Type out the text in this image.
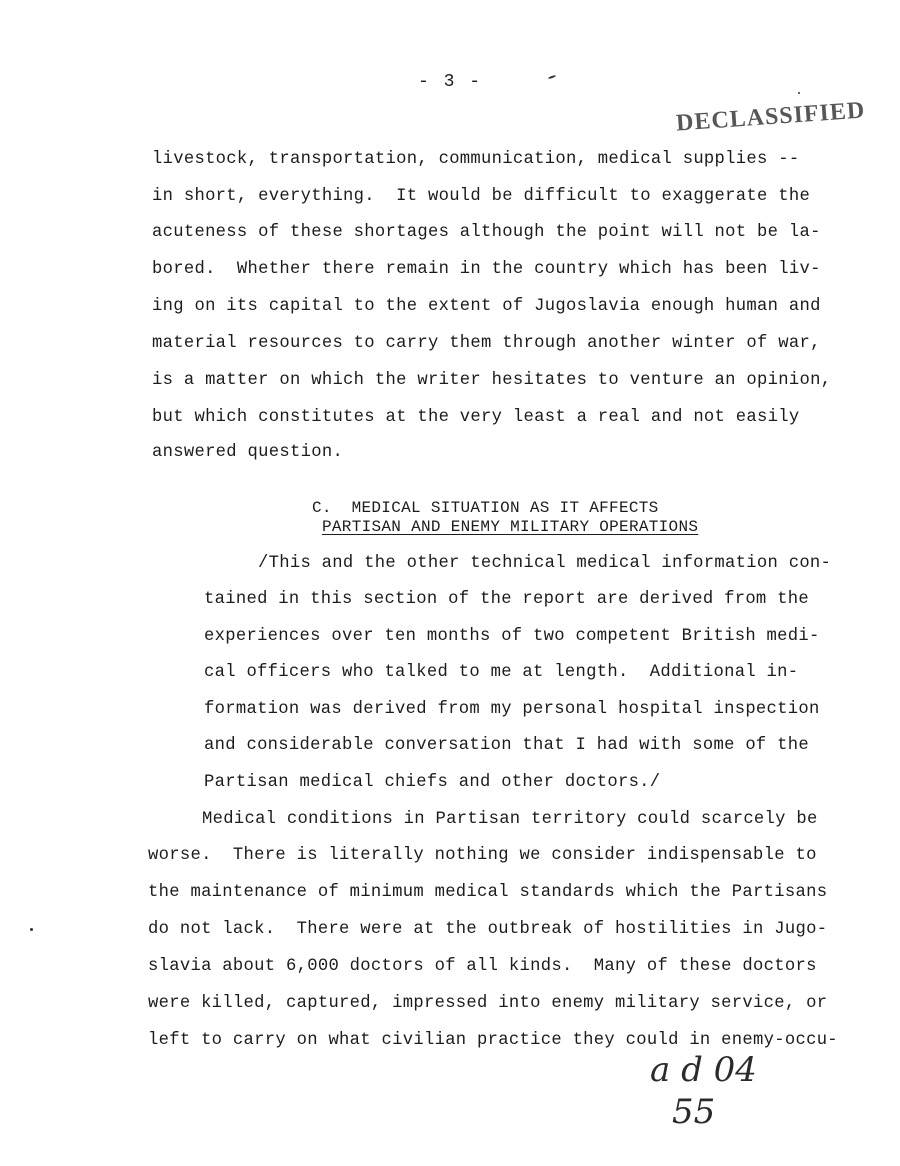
- 3 -
DECLASSIFIED
livestock, transportation, communication, medical supplies --
in short, everything.  It would be difficult to exaggerate the
acuteness of these shortages although the point will not be la-
bored.  Whether there remain in the country which has been liv-
ing on its capital to the extent of Jugoslavia enough human and
material resources to carry them through another winter of war,
is a matter on which the writer hesitates to venture an opinion,
but which constitutes at the very least a real and not easily
answered question.
C.  MEDICAL SITUATION AS IT AFFECTS
PARTISAN AND ENEMY MILITARY OPERATIONS
/This and the other technical medical information con-
tained in this section of the report are derived from the
experiences over ten months of two competent British medi-
cal officers who talked to me at length.  Additional in-
formation was derived from my personal hospital inspection
and considerable conversation that I had with some of the
Partisan medical chiefs and other doctors./
Medical conditions in Partisan territory could scarcely be
worse.  There is literally nothing we consider indispensable to
the maintenance of minimum medical standards which the Partisans
do not lack.  There were at the outbreak of hostilities in Jugo-
slavia about 6,000 doctors of all kinds.  Many of these doctors
were killed, captured, impressed into enemy military service, or
left to carry on what civilian practice they could in enemy-occu-
a d 04
55
